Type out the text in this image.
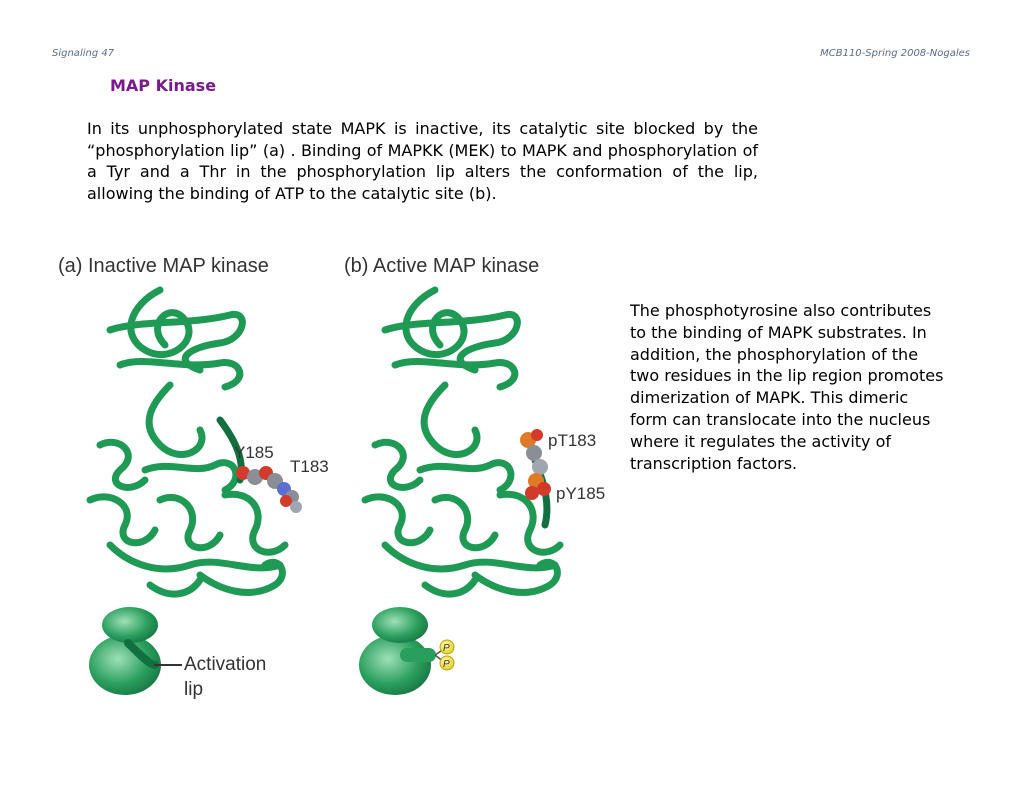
Signaling 47	MCB110-Spring 2008-Nogales
MAP Kinase
In its unphosphorylated state MAPK is inactive, its catalytic site blocked by the “phosphorylation lip” (a) . Binding of MAPKK (MEK) to MAPK and phosphorylation of a Tyr and a Thr in the phosphorylation lip alters the conformation of the lip, allowing the binding of ATP to the catalytic site (b).
The phosphotyrosine also contributes to the binding of MAPK substrates. In addition, the phosphorylation of the two residues in the lip region promotes dimerization of MAPK. This dimeric form can translocate into the nucleus where it regulates the activity of transcription factors.
(a) Inactive MAP kinase	(b) Active MAP kinase
Y185
T183
pT183
pY185
Activation
lip
P
P
